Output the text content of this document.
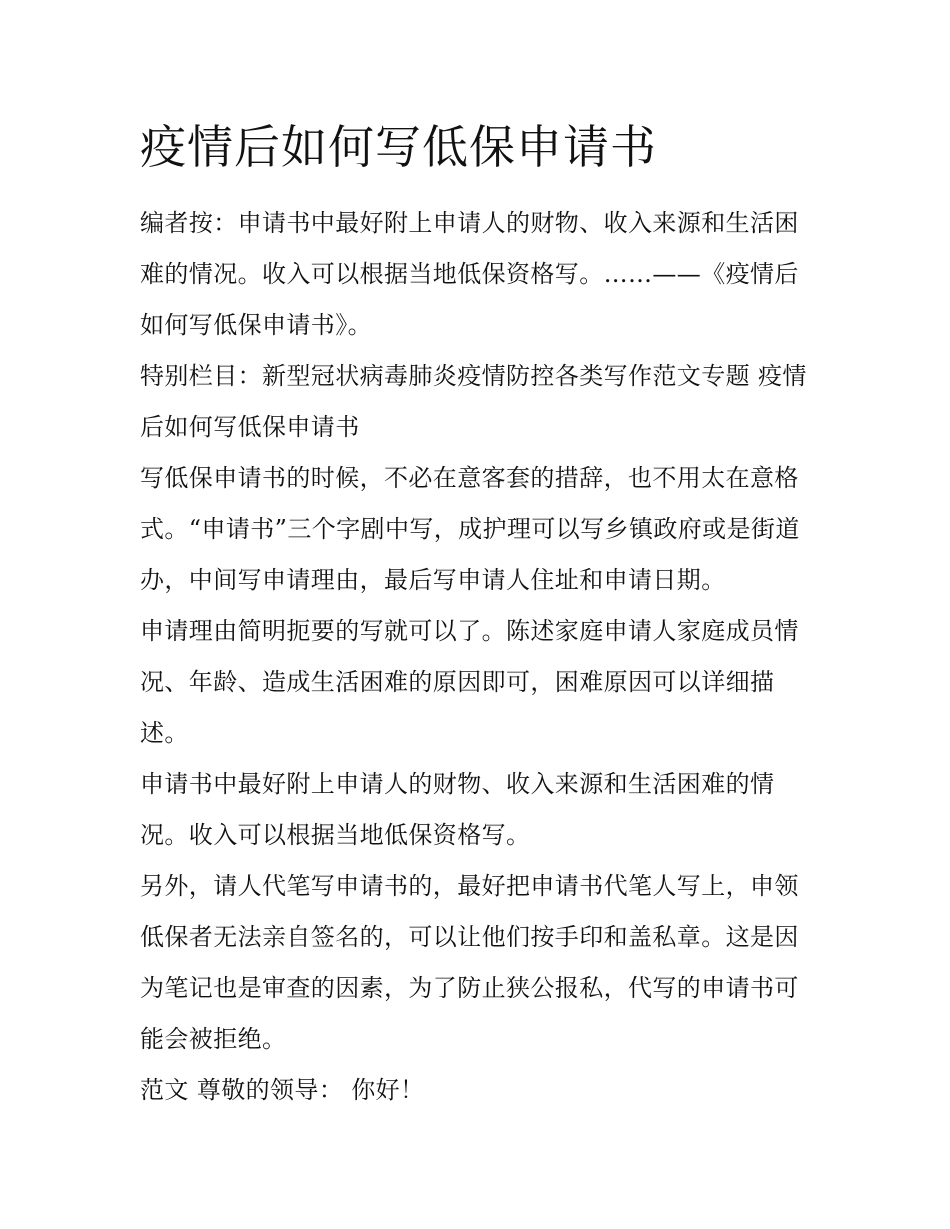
疫情后如何写低保申请书

编者按：申请书中最好附上申请人的财物、收入来源和生活困难的情况。收入可以根据当地低保资格写。……——《疫情后如何写低保申请书》。

特别栏目：新型冠状病毒肺炎疫情防控各类写作范文专题 疫情后如何写低保申请书

写低保申请书的时候，不必在意客套的措辞，也不用太在意格式。“申请书”三个字剧中写，成护理可以写乡镇政府或是街道办，中间写申请理由，最后写申请人住址和申请日期。

申请理由简明扼要的写就可以了。陈述家庭申请人家庭成员情况、年龄、造成生活困难的原因即可，困难原因可以详细描述。

申请书中最好附上申请人的财物、收入来源和生活困难的情况。收入可以根据当地低保资格写。

另外，请人代笔写申请书的，最好把申请书代笔人写上，申领低保者无法亲自签名的，可以让他们按手印和盖私章。这是因为笔记也是审查的因素，为了防止狭公报私，代写的申请书可能会被拒绝。

范文 尊敬的领导： 你好！
